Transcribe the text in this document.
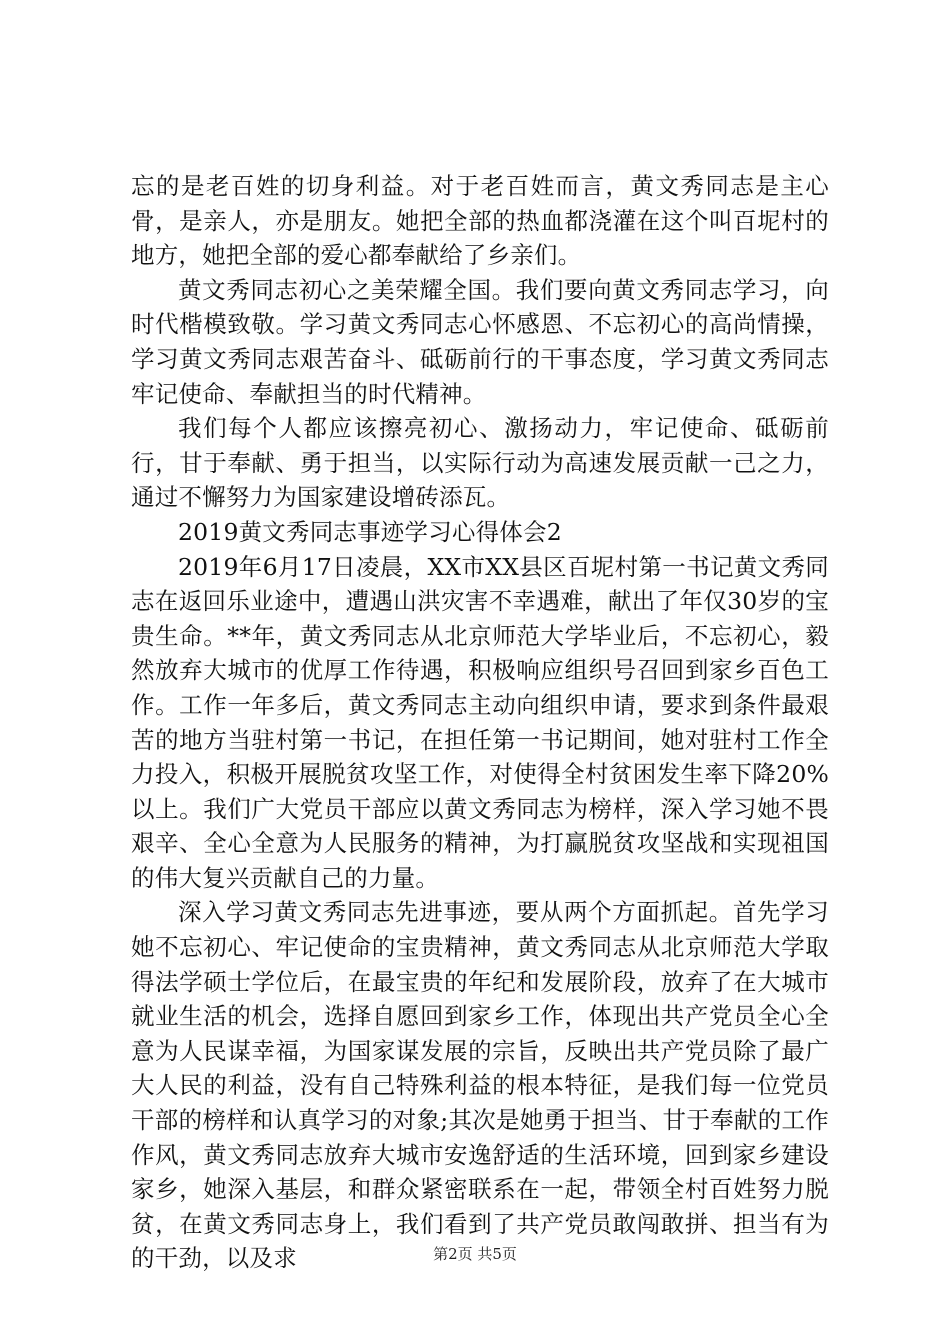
忘的是老百姓的切身利益。对于老百姓而言，黄文秀同志是主心骨，是亲人，亦是朋友。她把全部的热血都浇灌在这个叫百坭村的地方，她把全部的爱心都奉献给了乡亲们。

黄文秀同志初心之美荣耀全国。我们要向黄文秀同志学习，向时代楷模致敬。学习黄文秀同志心怀感恩、不忘初心的高尚情操，学习黄文秀同志艰苦奋斗、砥砺前行的干事态度，学习黄文秀同志牢记使命、奉献担当的时代精神。

我们每个人都应该擦亮初心、激扬动力，牢记使命、砥砺前行，甘于奉献、勇于担当，以实际行动为高速发展贡献一己之力，通过不懈努力为国家建设增砖添瓦。

2019黄文秀同志事迹学习心得体会2

2019年6月17日凌晨，XX市XX县区百坭村第一书记黄文秀同志在返回乐业途中，遭遇山洪灾害不幸遇难，献出了年仅30岁的宝贵生命。**年，黄文秀同志从北京师范大学毕业后，不忘初心，毅然放弃大城市的优厚工作待遇，积极响应组织号召回到家乡百色工作。工作一年多后，黄文秀同志主动向组织申请，要求到条件最艰苦的地方当驻村第一书记，在担任第一书记期间，她对驻村工作全力投入，积极开展脱贫攻坚工作，对使得全村贫困发生率下降20%以上。我们广大党员干部应以黄文秀同志为榜样，深入学习她不畏艰辛、全心全意为人民服务的精神，为打赢脱贫攻坚战和实现祖国的伟大复兴贡献自己的力量。

深入学习黄文秀同志先进事迹，要从两个方面抓起。首先学习她不忘初心、牢记使命的宝贵精神，黄文秀同志从北京师范大学取得法学硕士学位后，在最宝贵的年纪和发展阶段，放弃了在大城市就业生活的机会，选择自愿回到家乡工作，体现出共产党员全心全意为人民谋幸福，为国家谋发展的宗旨，反映出共产党员除了最广大人民的利益，没有自己特殊利益的根本特征，是我们每一位党员干部的榜样和认真学习的对象;其次是她勇于担当、甘于奉献的工作作风，黄文秀同志放弃大城市安逸舒适的生活环境，回到家乡建设家乡，她深入基层，和群众紧密联系在一起，带领全村百姓努力脱贫，在黄文秀同志身上，我们看到了共产党员敢闯敢拼、担当有为的干劲，以及求	第2页 共5页
